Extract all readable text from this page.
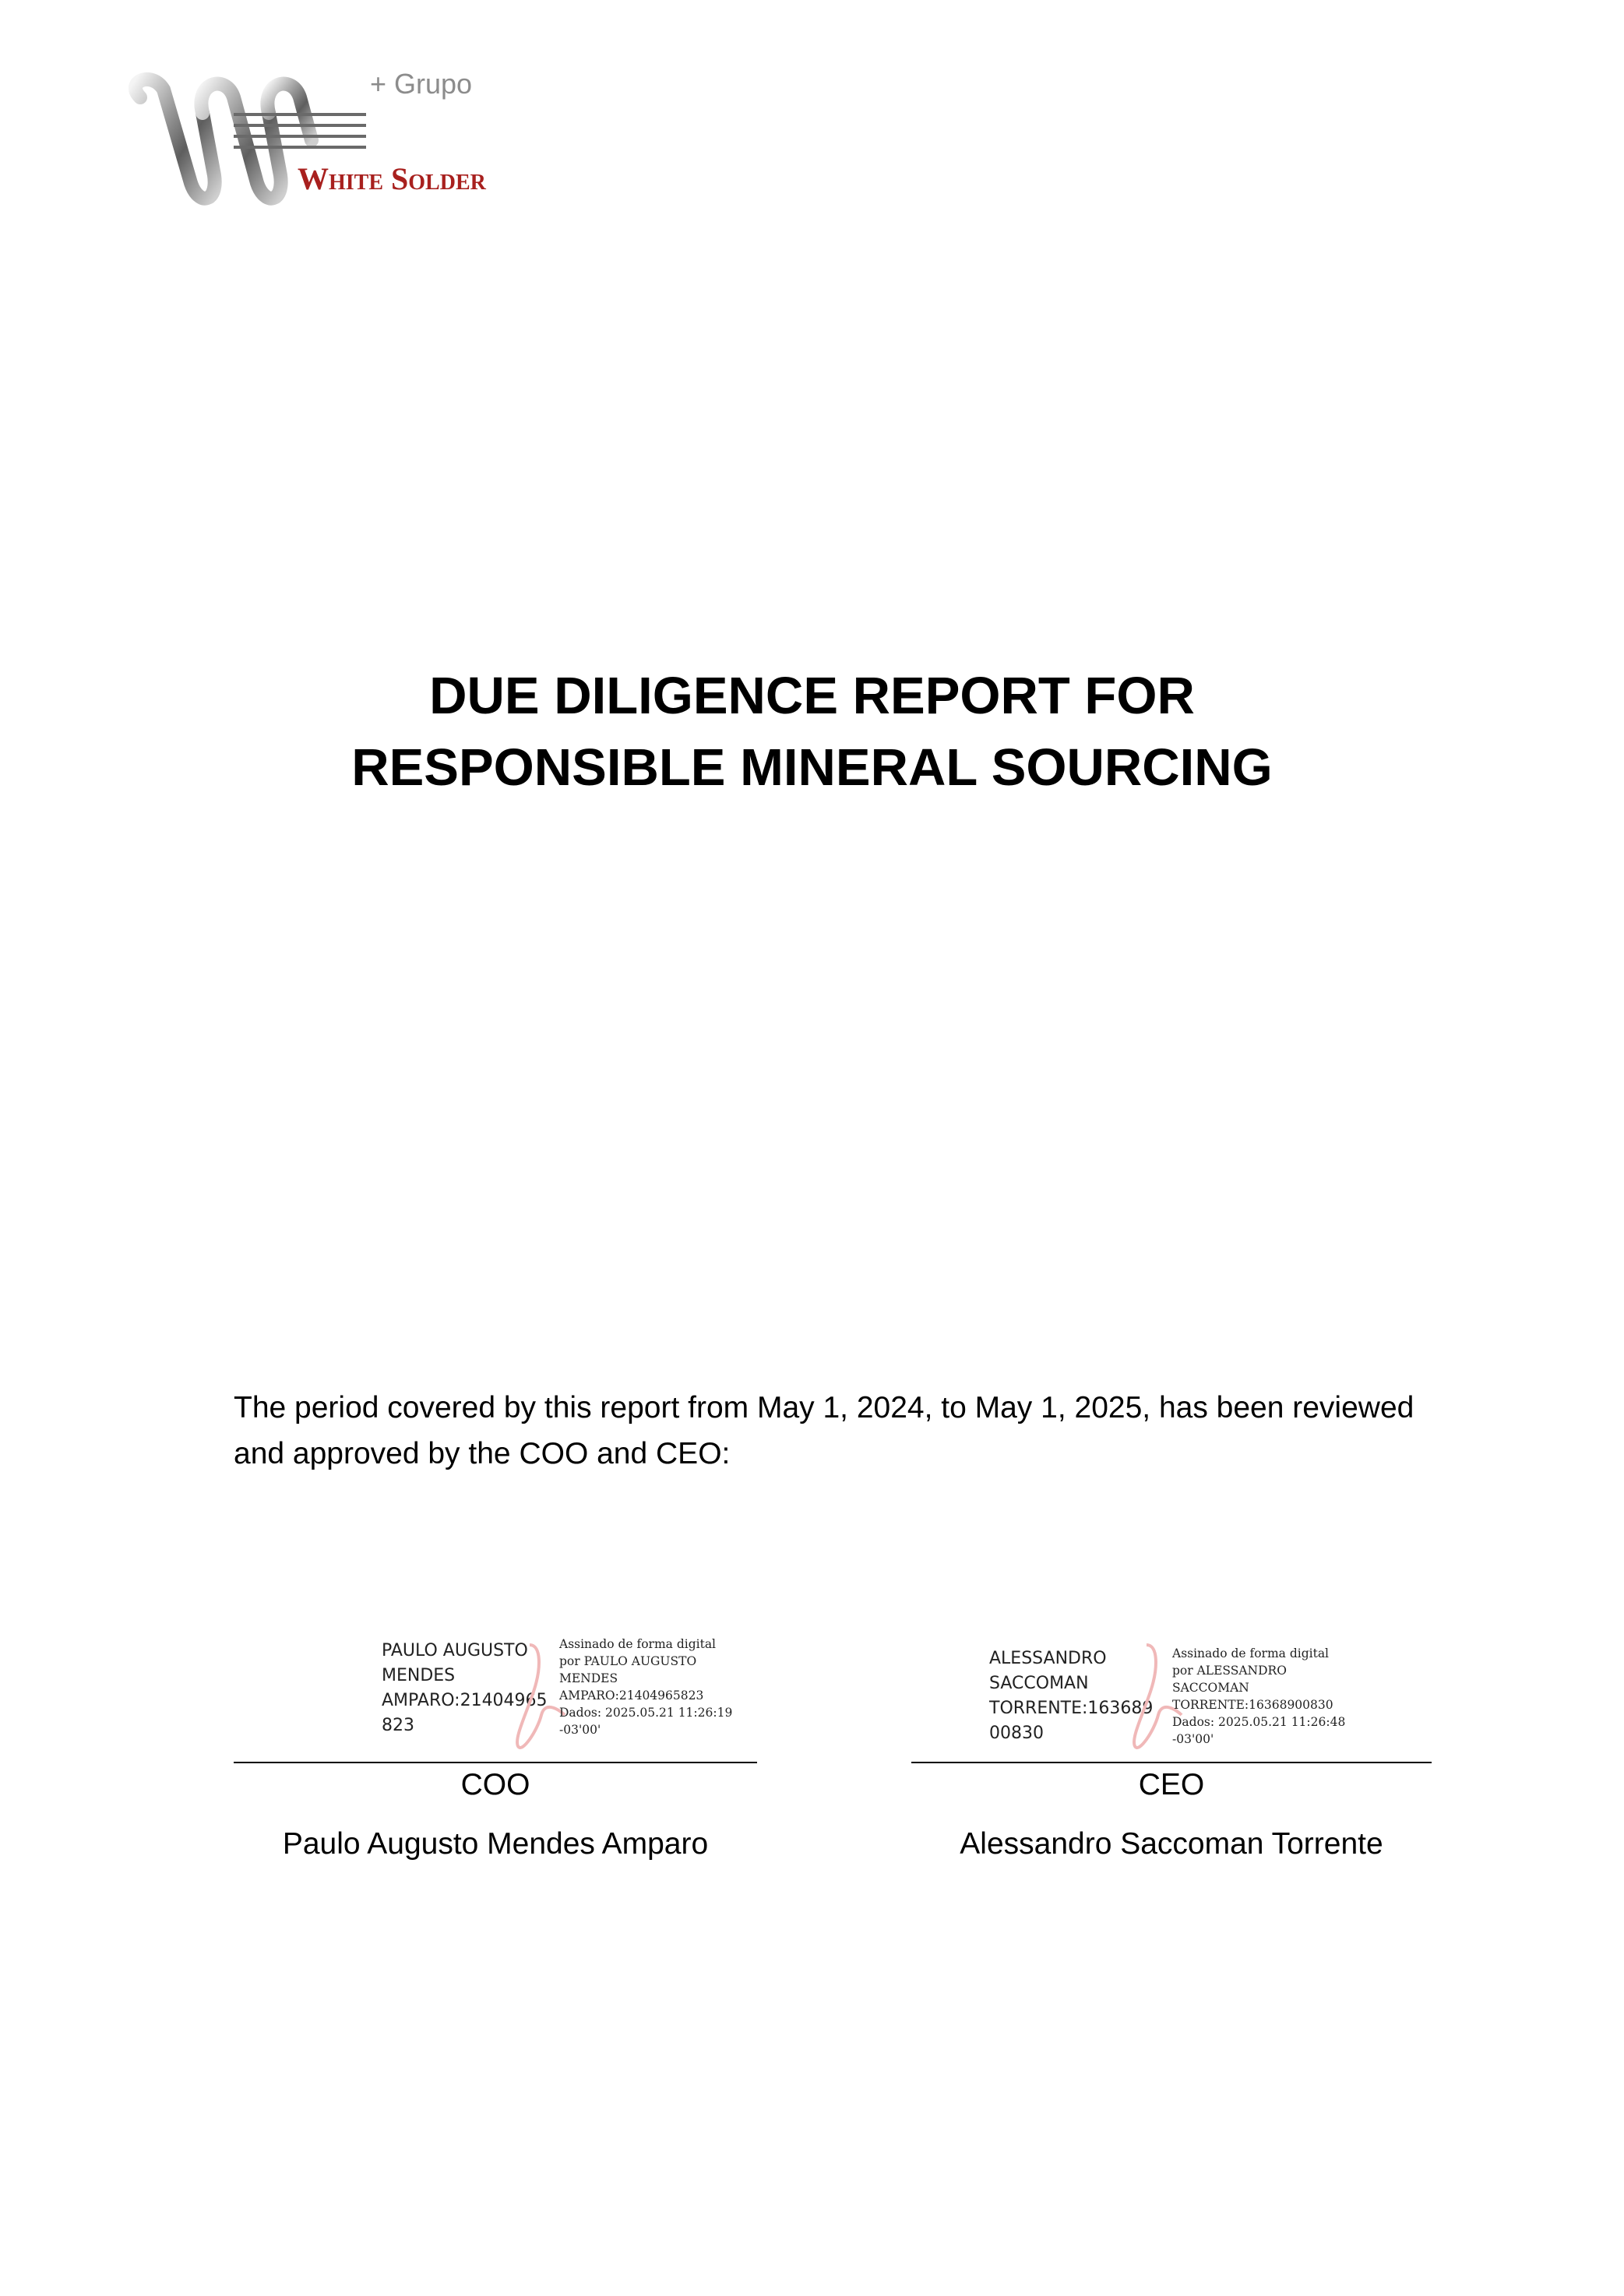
+ Grupo
White Solder
DUE DILIGENCE REPORT FOR
RESPONSIBLE MINERAL SOURCING

The period covered by this report from May 1, 2024, to May 1, 2025, has been reviewed and approved by the COO and CEO:

PAULO AUGUSTO
MENDES
AMPARO:21404965
823
Assinado de forma digital
por PAULO AUGUSTO
MENDES
AMPARO:21404965823
Dados: 2025.05.21 11:26:19
-03'00'
COO
Paulo Augusto Mendes Amparo
ALESSANDRO
SACCOMAN
TORRENTE:163689
00830
Assinado de forma digital
por ALESSANDRO
SACCOMAN
TORRENTE:16368900830
Dados: 2025.05.21 11:26:48
-03'00'
CEO
Alessandro Saccoman Torrente
